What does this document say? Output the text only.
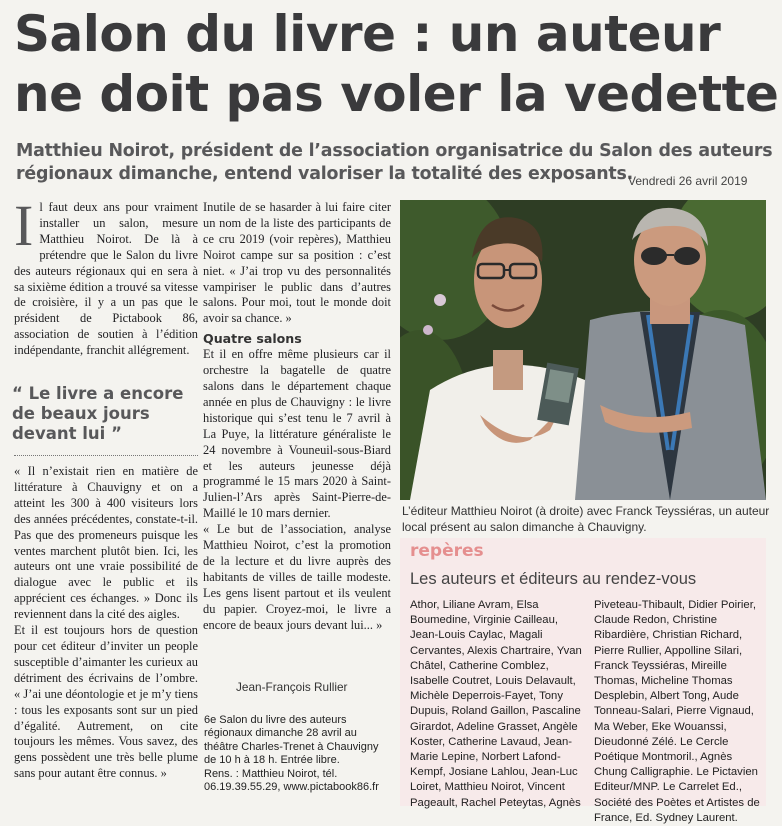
Salon du livre : un auteur
ne doit pas voler la vedette
Matthieu Noirot, président de l’association organisatrice du Salon des auteurs
régionaux dimanche, entend valoriser la totalité des exposants.
Vendredi 26 avril 2019

Il faut deux ans pour vraiment installer un salon, mesure Matthieu Noirot. De là à prétendre que le Salon du livre des auteurs régionaux qui en sera à sa sixième édition a trouvé sa vitesse de croisière, il y a un pas que le président de Pictabook 86, association de soutien à l’édition indépendante, franchit allégrement.

“ Le livre a encore de beaux jours devant lui ”

« Il n’existait rien en matière de littérature à Chauvigny et on a atteint les 300 à 400 visiteurs lors des années précédentes, constate-t-il. Pas que des promeneurs puisque les ventes marchent plutôt bien. Ici, les auteurs ont une vraie possibilité de dialogue avec le public et ils apprécient ces échanges. » Donc ils reviennent dans la cité des aigles.

Et il est toujours hors de question pour cet éditeur d’inviter un people susceptible d’aimanter les curieux au détriment des écrivains de l’ombre. « J’ai une déontologie et je m’y tiens : tous les exposants sont sur un pied d’égalité. Autrement, on cite toujours les mêmes. Vous savez, des gens possèdent une très belle plume sans pour autant être connus. »

Inutile de se hasarder à lui faire citer un nom de la liste des participants de ce cru 2019 (voir repères), Matthieu Noirot campe sur sa position : c’est niet. « J’ai trop vu des personnalités vampiriser le public dans d’autres salons. Pour moi, tout le monde doit avoir sa chance. »

Quatre salons

Et il en offre même plusieurs car il orchestre la bagatelle de quatre salons dans le département chaque année en plus de Chauvigny : le livre historique qui s’est tenu le 7 avril à La Puye, la littérature généraliste le 24 novembre à Vouneuil-sous-Biard et les auteurs jeunesse déjà programmé le 15 mars 2020 à Saint-Julien-l’Ars après Saint-Pierre-de-Maillé le 10 mars dernier.

« Le but de l’association, analyse Matthieu Noirot, c’est la promotion de la lecture et du livre auprès des habitants de villes de taille modeste. Les gens lisent partout et ils veulent du papier. Croyez-moi, le livre a encore de beaux jours devant lui... »

Jean-François Rullier
6e Salon du livre des auteurs régionaux dimanche 28 avril au théâtre Charles-Trenet à Chauvigny de 10 h à 18 h. Entrée libre.
Rens. : Matthieu Noirot, tél. 06.19.39.55.29, www.pictabook86.fr
L’éditeur Matthieu Noirot (à droite) avec Franck Teyssiéras, un auteur local présent au salon dimanche à Chauvigny.
repères
Les auteurs et éditeurs au rendez-vous
Athor, Liliane Avram, Elsa Boumedine, Virginie Cailleau, Jean-Louis Caylac, Magali Cervantes, Alexis Chartraire, Yvan Châtel, Catherine Comblez, Isabelle Coutret, Louis Delavault, Michèle Deperrois-Fayet, Tony Dupuis, Roland Gaillon, Pascaline Girardot, Adeline Grasset, Angèle Koster, Catherine Lavaud, Jean-Marie Lepine, Norbert Lafond-Kempf, Josiane Lahlou, Jean-Luc Loiret, Matthieu Noirot, Vincent Pageault, Rachel Peteytas, Agnès
Piveteau-Thibault, Didier Poirier, Claude Redon, Christine Ribardière, Christian Richard, Pierre Rullier, Appolline Silari, Franck Teyssiéras, Mireille Thomas, Micheline Thomas Desplebin, Albert Tong, Aude Tonneau-Salari, Pierre Vignaud, Ma Weber, Eke Wouanssi, Dieudonné Zélé. Le Cercle Poétique Montmoril., Agnès Chung Calligraphie. Le Pictavien Editeur/MNP. Le Carrelet Ed., Société des Poètes et Artistes de France, Ed. Sydney Laurent.
